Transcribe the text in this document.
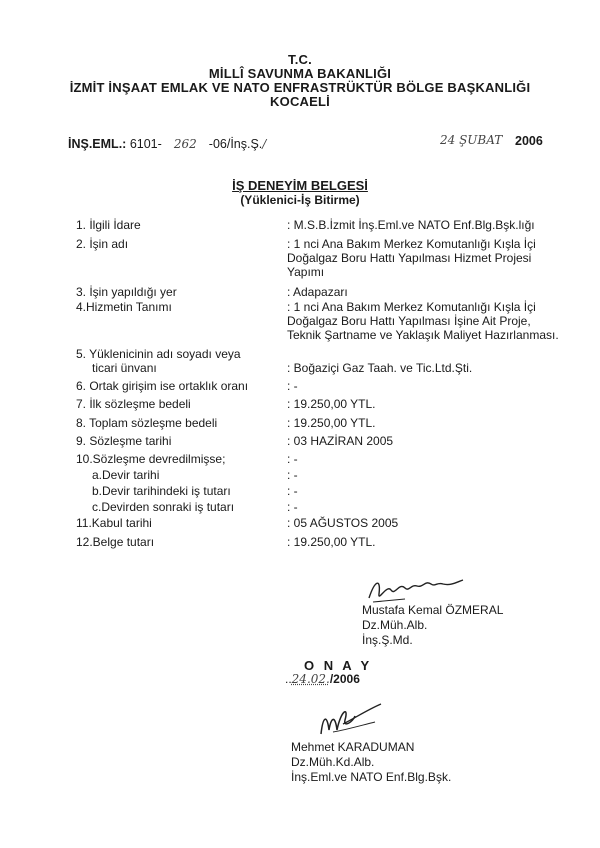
T.C.
MİLLÎ SAVUNMA BAKANLIĞI
İZMİT İNŞAAT EMLAK VE NATO ENFRASTRÜKTÜR BÖLGE BAŞKANLIĞI
KOCAELİ
İNŞ.EML.: 6101- 262 -06/İnş.Ş./	24 ŞUBAT 2006
İŞ DENEYİM BELGESİ
(Yüklenici-İş Bitirme)
1. İlgili İdare	: M.S.B.İzmit İnş.Eml.ve NATO Enf.Blg.Bşk.lığı
2. İşin adı	: 1 nci Ana Bakım Merkez Komutanlığı Kışla İçi Doğalgaz Boru Hattı Yapılması Hizmet Projesi Yapımı
3. İşin yapıldığı yer	: Adapazarı
4.Hizmetin Tanımı	: 1 nci Ana Bakım Merkez Komutanlığı Kışla İçi Doğalgaz Boru Hattı Yapılması İşine Ait Proje, Teknik Şartname ve Yaklaşık Maliyet Hazırlanması.
5. Yüklenicinin adı soyadı veya
ticari ünvanı	: Boğaziçi Gaz Taah. ve Tic.Ltd.Şti.
6. Ortak girişim ise ortaklık oranı	: -
7. İlk sözleşme bedeli	: 19.250,00 YTL.
8. Toplam sözleşme bedeli	: 19.250,00 YTL.
9. Sözleşme tarihi	: 03 HAZİRAN 2005
10.Sözleşme devredilmişse;	: -
a.Devir tarihi	: -
b.Devir tarihindeki iş tutarı	: -
c.Devirden sonraki iş tutarı	: -
11.Kabul tarihi	: 05 AĞUSTOS 2005
12.Belge tutarı	: 19.250,00 YTL.
Mustafa Kemal ÖZMERAL
Dz.Müh.Alb.
İnş.Ş.Md.
O N A Y
..24.02./2006
Mehmet KARADUMAN
Dz.Müh.Kd.Alb.
İnş.Eml.ve NATO Enf.Blg.Bşk.
